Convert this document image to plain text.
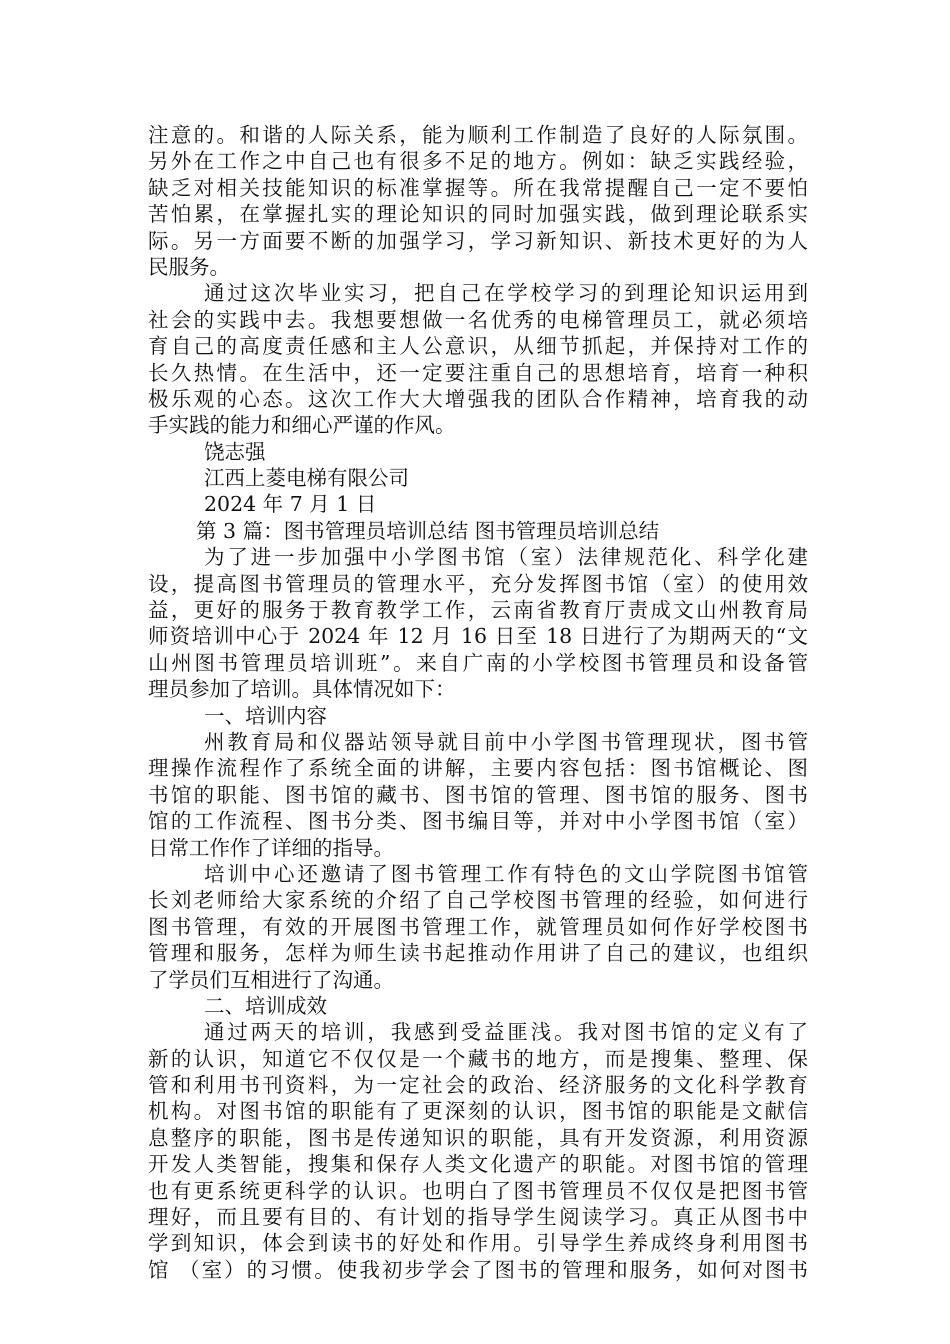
注意的。和谐的人际关系，能为顺利工作制造了良好的人际氛围。
另外在工作之中自己也有很多不足的地方。例如：缺乏实践经验，
缺乏对相关技能知识的标准掌握等。所在我常提醒自己一定不要怕
苦怕累，在掌握扎实的理论知识的同时加强实践，做到理论联系实
际。另一方面要不断的加强学习，学习新知识、新技术更好的为人
民服务。
通过这次毕业实习，把自己在学校学习的到理论知识运用到
社会的实践中去。我想要想做一名优秀的电梯管理员工，就必须培
育自己的高度责任感和主人公意识，从细节抓起，并保持对工作的
长久热情。在生活中，还一定要注重自己的思想培育，培育一种积
极乐观的心态。这次工作大大增强我的团队合作精神，培育我的动
手实践的能力和细心严谨的作风。
饶志强
江西上菱电梯有限公司
2024 年 7 月 1 日
第 3 篇：图书管理员培训总结 图书管理员培训总结
为了进一步加强中小学图书馆（室）法律规范化、科学化建
设，提高图书管理员的管理水平，充分发挥图书馆（室）的使用效
益，更好的服务于教育教学工作，云南省教育厅责成文山州教育局
师资培训中心于 2024 年 12 月 16 日至 18 日进行了为期两天的“文
山州图书管理员培训班”。来自广南的小学校图书管理员和设备管
理员参加了培训。具体情况如下：
一、培训内容
州教育局和仪器站领导就目前中小学图书管理现状，图书管
理操作流程作了系统全面的讲解，主要内容包括：图书馆概论、图
书馆的职能、图书馆的藏书、图书馆的管理、图书馆的服务、图书
馆的工作流程、图书分类、图书编目等，并对中小学图书馆（室）
日常工作作了详细的指导。
培训中心还邀请了图书管理工作有特色的文山学院图书馆管
长刘老师给大家系统的介绍了自己学校图书管理的经验，如何进行
图书管理，有效的开展图书管理工作，就管理员如何作好学校图书
管理和服务，怎样为师生读书起推动作用讲了自己的建议，也组织
了学员们互相进行了沟通。
二、培训成效
通过两天的培训，我感到受益匪浅。我对图书馆的定义有了
新的认识，知道它不仅仅是一个藏书的地方，而是搜集、整理、保
管和利用书刊资料，为一定社会的政治、经济服务的文化科学教育
机构。对图书馆的职能有了更深刻的认识，图书馆的职能是文献信
息整序的职能，图书是传递知识的职能，具有开发资源，利用资源
开发人类智能，搜集和保存人类文化遗产的职能。对图书馆的管理
也有更系统更科学的认识。也明白了图书管理员不仅仅是把图书管
理好，而且要有目的、有计划的指导学生阅读学习。真正从图书中
学到知识，体会到读书的好处和作用。引导学生养成终身利用图书
馆 （室）的习惯。使我初步学会了图书的管理和服务，如何对图书
